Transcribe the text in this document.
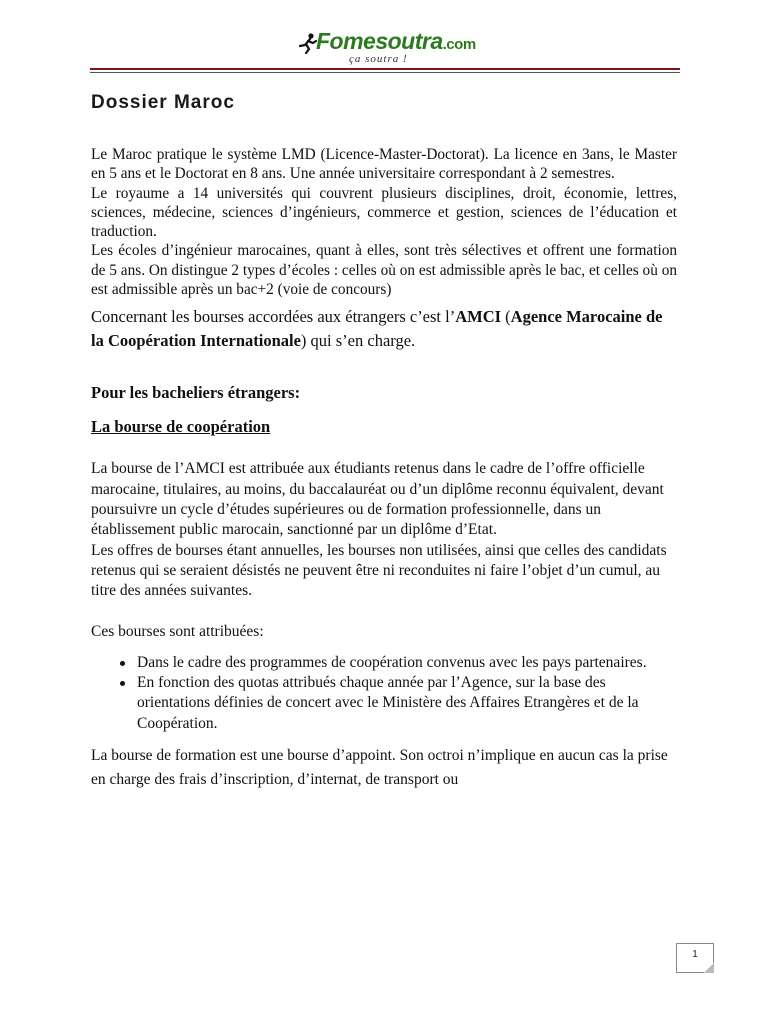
Fomesoutra.com
ça soutra !
Dossier Maroc

Le Maroc pratique le système LMD (Licence-Master-Doctorat). La licence en 3ans, le Master en 5 ans et le Doctorat en 8 ans. Une année universitaire correspondant à 2 semestres.

Le royaume a 14 universités qui couvrent plusieurs disciplines, droit, économie, lettres, sciences, médecine, sciences d’ingénieurs, commerce et gestion, sciences de l’éducation et traduction.

Les écoles d’ingénieur marocaines, quant à elles, sont très sélectives et offrent une formation de 5 ans. On distingue 2 types d’écoles : celles où on est admissible après le bac, et celles où on est admissible après un bac+2 (voie de concours)

Concernant les bourses accordées aux étrangers c’est l’AMCI (Agence Marocaine de la Coopération Internationale) qui s’en charge.

Pour les bacheliers étrangers:

La bourse de coopération

La bourse de l’AMCI est attribuée aux étudiants retenus dans le cadre de l’offre officielle marocaine, titulaires, au moins, du baccalauréat ou d’un diplôme reconnu équivalent, devant poursuivre un cycle d’études supérieures ou de formation professionnelle, dans un établissement public marocain, sanctionné par un diplôme d’Etat.

Les offres de bourses étant annuelles, les bourses non utilisées, ainsi que celles des candidats retenus qui se seraient désistés ne peuvent être ni reconduites ni faire l’objet d’un cumul, au titre des années suivantes.

Ces bourses sont attribuées:

Dans le cadre des programmes de coopération convenus avec les pays partenaires.
En fonction des quotas attribués chaque année par l’Agence, sur la base des orientations définies de concert avec le Ministère des Affaires Etrangères et de la Coopération.

La bourse de formation est une bourse d’appoint. Son octroi n’implique en aucun cas la prise en charge des frais d’inscription, d’internat, de transport ou

1
